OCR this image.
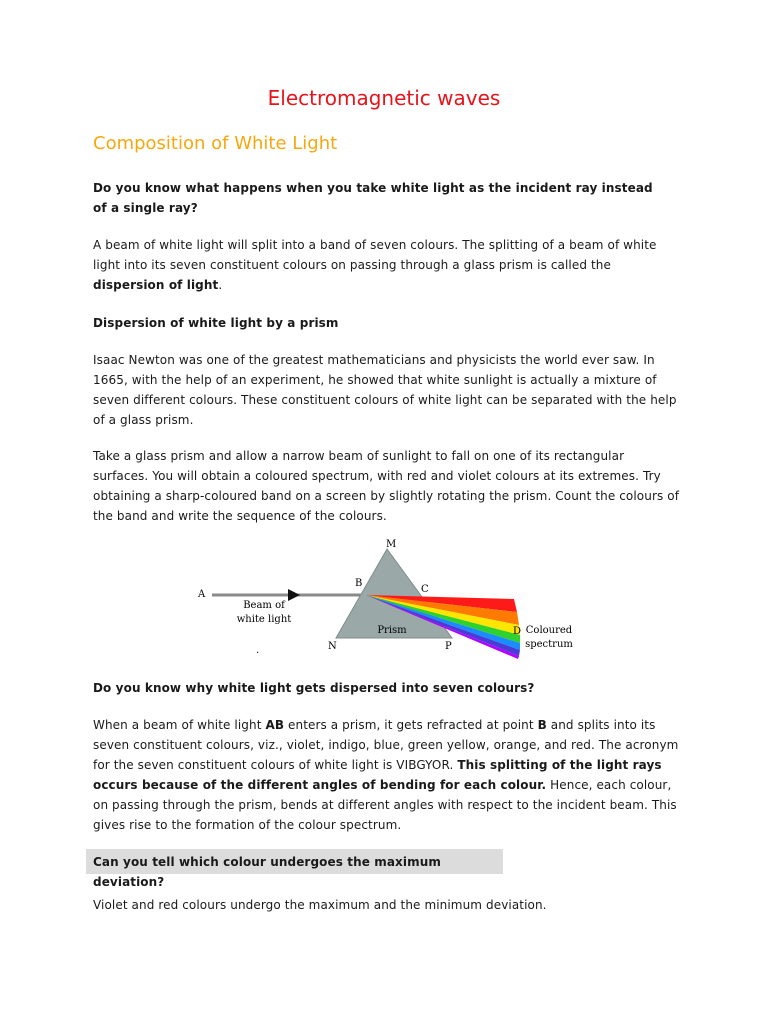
Electromagnetic waves
Composition of White Light

Do you know what happens when you take white light as the incident ray instead of a single ray?

A beam of white light will split into a band of seven colours. The splitting of a beam of white light into its seven constituent colours on passing through a glass prism is called the dispersion of light.

Dispersion of white light by a prism

Isaac Newton was one of the greatest mathematicians and physicists the world ever saw. In 1665, with the help of an experiment, he showed that white sunlight is actually a mixture of seven different colours. These constituent colours of white light can be separated with the help of a glass prism.

Take a glass prism and allow a narrow beam of sunlight to fall on one of its rectangular surfaces. You will obtain a coloured spectrum, with red and violet colours at its extremes. Try obtaining a sharp-coloured band on a screen by slightly rotating the prism. Count the colours of the band and write the sequence of the colours.

M
A
B
C
D
N	P
Beam of
white light
Prism	Coloured
spectrum
.

Do you know why white light gets dispersed into seven colours?

When a beam of white light AB enters a prism, it gets refracted at point B and splits into its seven constituent colours, viz., violet, indigo, blue, green yellow, orange, and red. The acronym for the seven constituent colours of white light is VIBGYOR. This splitting of the light rays occurs because of the different angles of bending for each colour. Hence, each colour, on passing through the prism, bends at different angles with respect to the incident beam. This gives rise to the formation of the colour spectrum.

Can you tell which colour undergoes the maximum deviation?

Violet and red colours undergo the maximum and the minimum deviation.
